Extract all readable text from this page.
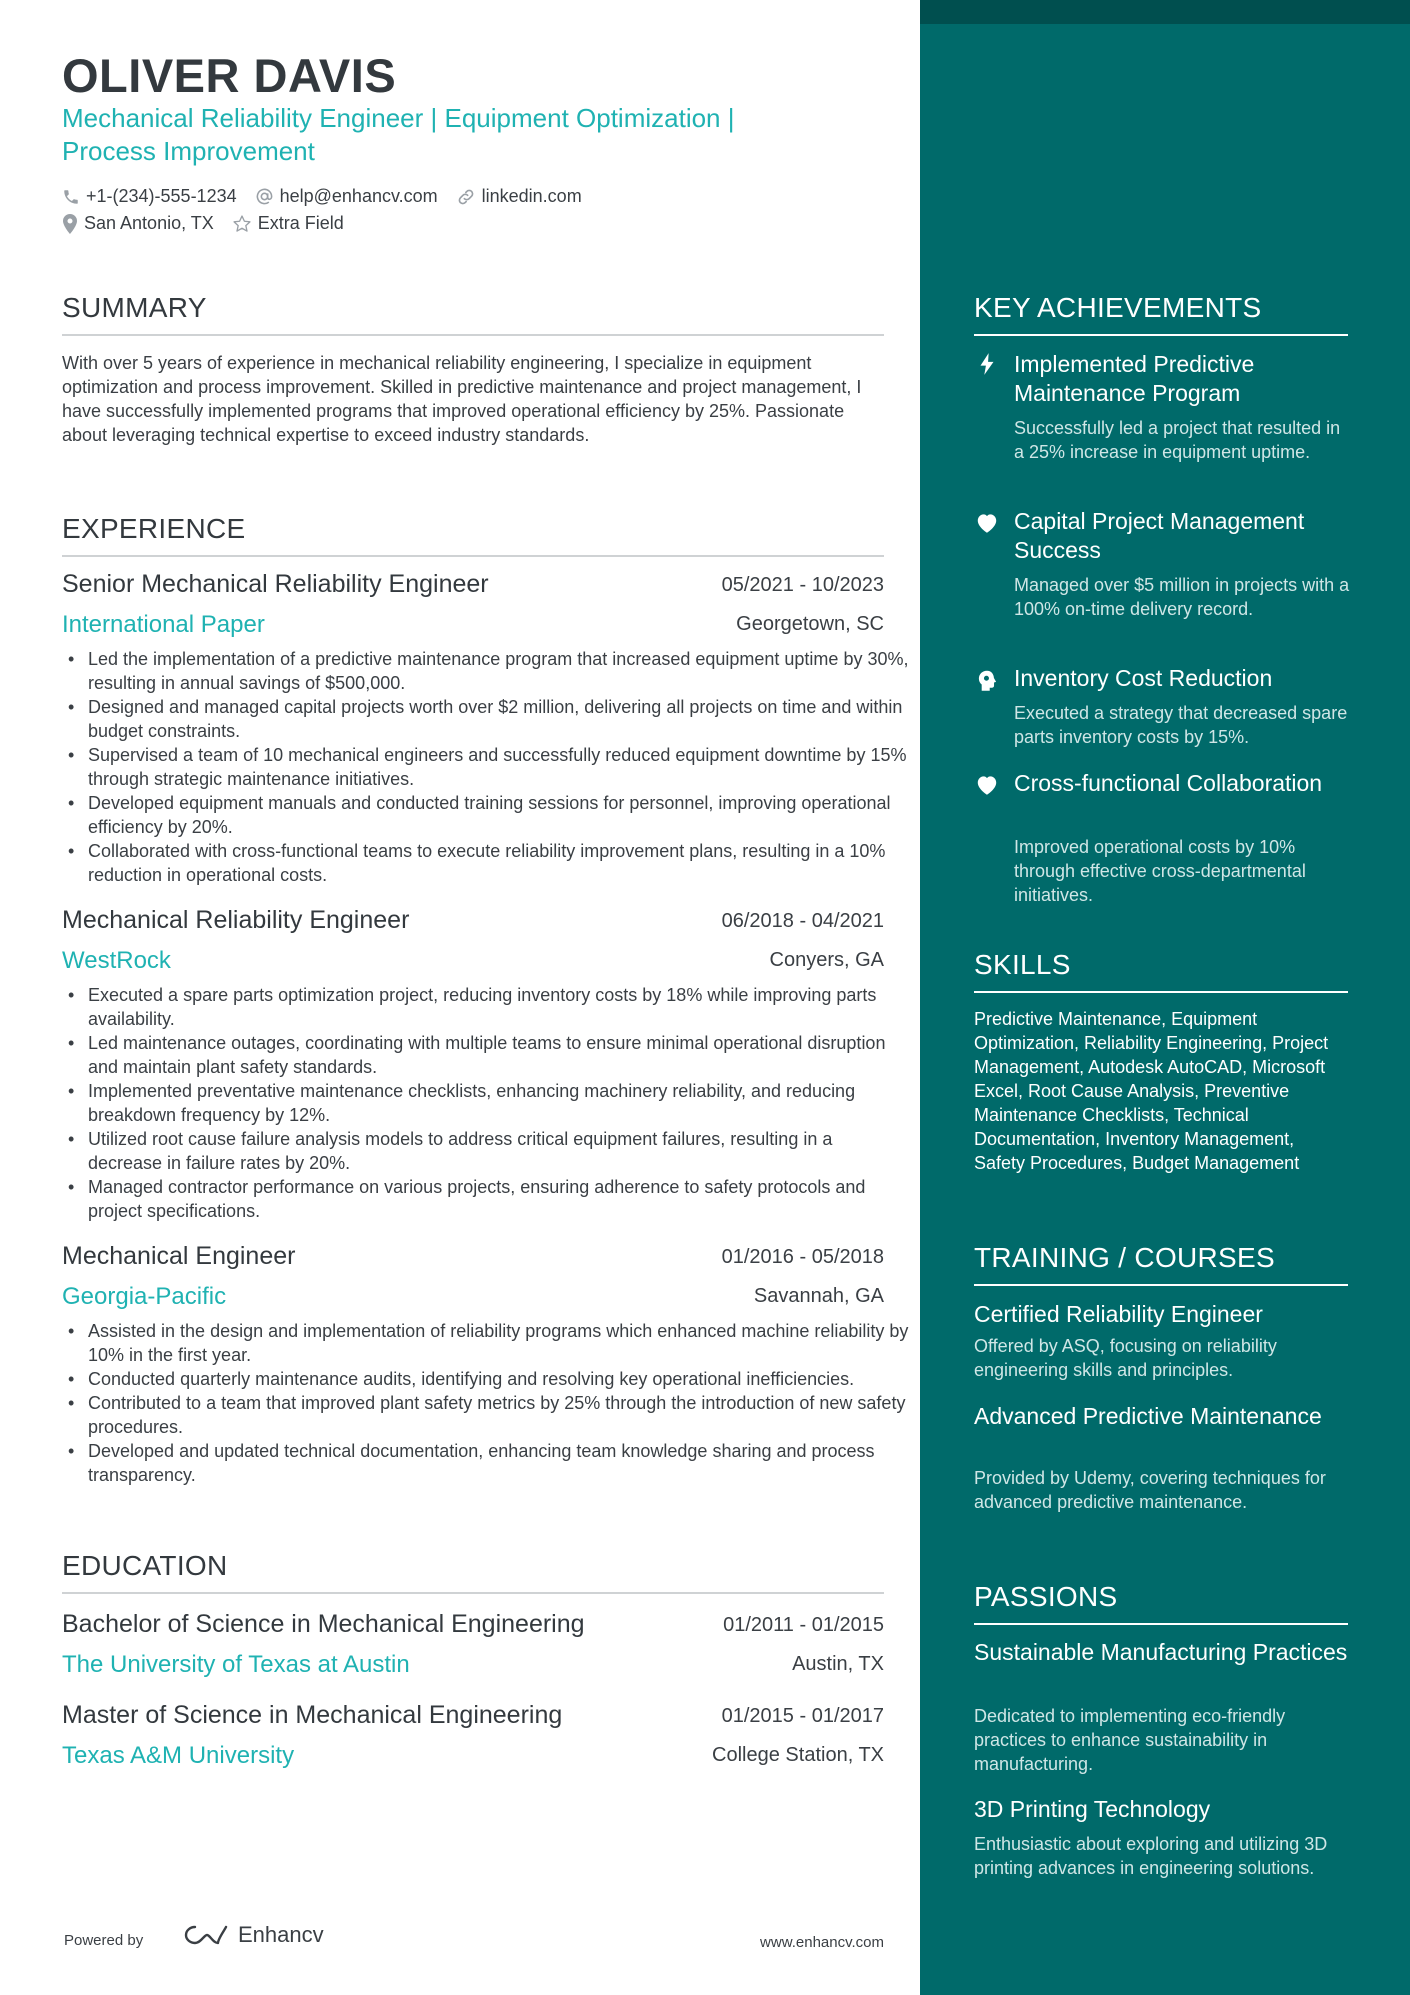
OLIVER DAVIS
Mechanical Reliability Engineer | Equipment Optimization |
Process Improvement
+1-(234)-555-1234 help@enhancv.com linkedin.com
San Antonio, TX Extra Field
SUMMARY
With over 5 years of experience in mechanical reliability engineering, I specialize in equipment optimization and process improvement. Skilled in predictive maintenance and project management, I have successfully implemented programs that improved operational efficiency by 25%. Passionate about leveraging technical expertise to exceed industry standards.
EXPERIENCE
Senior Mechanical Reliability Engineer	05/2021 - 10/2023
International Paper	Georgetown, SC
• Led the implementation of a predictive maintenance program that increased equipment uptime by 30%, resulting in annual savings of $500,000.
• Designed and managed capital projects worth over $2 million, delivering all projects on time and within budget constraints.
• Supervised a team of 10 mechanical engineers and successfully reduced equipment downtime by 15% through strategic maintenance initiatives.
• Developed equipment manuals and conducted training sessions for personnel, improving operational efficiency by 20%.
• Collaborated with cross-functional teams to execute reliability improvement plans, resulting in a 10% reduction in operational costs.
Mechanical Reliability Engineer	06/2018 - 04/2021
WestRock	Conyers, GA
• Executed a spare parts optimization project, reducing inventory costs by 18% while improving parts availability.
• Led maintenance outages, coordinating with multiple teams to ensure minimal operational disruption and maintain plant safety standards.
• Implemented preventative maintenance checklists, enhancing machinery reliability, and reducing breakdown frequency by 12%.
• Utilized root cause failure analysis models to address critical equipment failures, resulting in a decrease in failure rates by 20%.
• Managed contractor performance on various projects, ensuring adherence to safety protocols and project specifications.
Mechanical Engineer	01/2016 - 05/2018
Georgia-Pacific	Savannah, GA
• Assisted in the design and implementation of reliability programs which enhanced machine reliability by 10% in the first year.
• Conducted quarterly maintenance audits, identifying and resolving key operational inefficiencies.
• Contributed to a team that improved plant safety metrics by 25% through the introduction of new safety procedures.
• Developed and updated technical documentation, enhancing team knowledge sharing and process transparency.
EDUCATION
Bachelor of Science in Mechanical Engineering	01/2011 - 01/2015
The University of Texas at Austin	Austin, TX
Master of Science in Mechanical Engineering	01/2015 - 01/2017
Texas A&M University	College Station, TX
Powered by	Enhancv	www.enhancv.com
KEY ACHIEVEMENTS
Implemented Predictive Maintenance Program
Successfully led a project that resulted in a 25% increase in equipment uptime.
Capital Project Management Success
Managed over $5 million in projects with a 100% on-time delivery record.
Inventory Cost Reduction
Executed a strategy that decreased spare parts inventory costs by 15%.
Cross-functional Collaboration
Improved operational costs by 10% through effective cross-departmental initiatives.
SKILLS
Predictive Maintenance, Equipment Optimization, Reliability Engineering, Project Management, Autodesk AutoCAD, Microsoft Excel, Root Cause Analysis, Preventive Maintenance Checklists, Technical Documentation, Inventory Management, Safety Procedures, Budget Management
TRAINING / COURSES
Certified Reliability Engineer
Offered by ASQ, focusing on reliability engineering skills and principles.
Advanced Predictive Maintenance
Provided by Udemy, covering techniques for advanced predictive maintenance.
PASSIONS
Sustainable Manufacturing Practices
Dedicated to implementing eco-friendly practices to enhance sustainability in manufacturing.
3D Printing Technology
Enthusiastic about exploring and utilizing 3D printing advances in engineering solutions.
